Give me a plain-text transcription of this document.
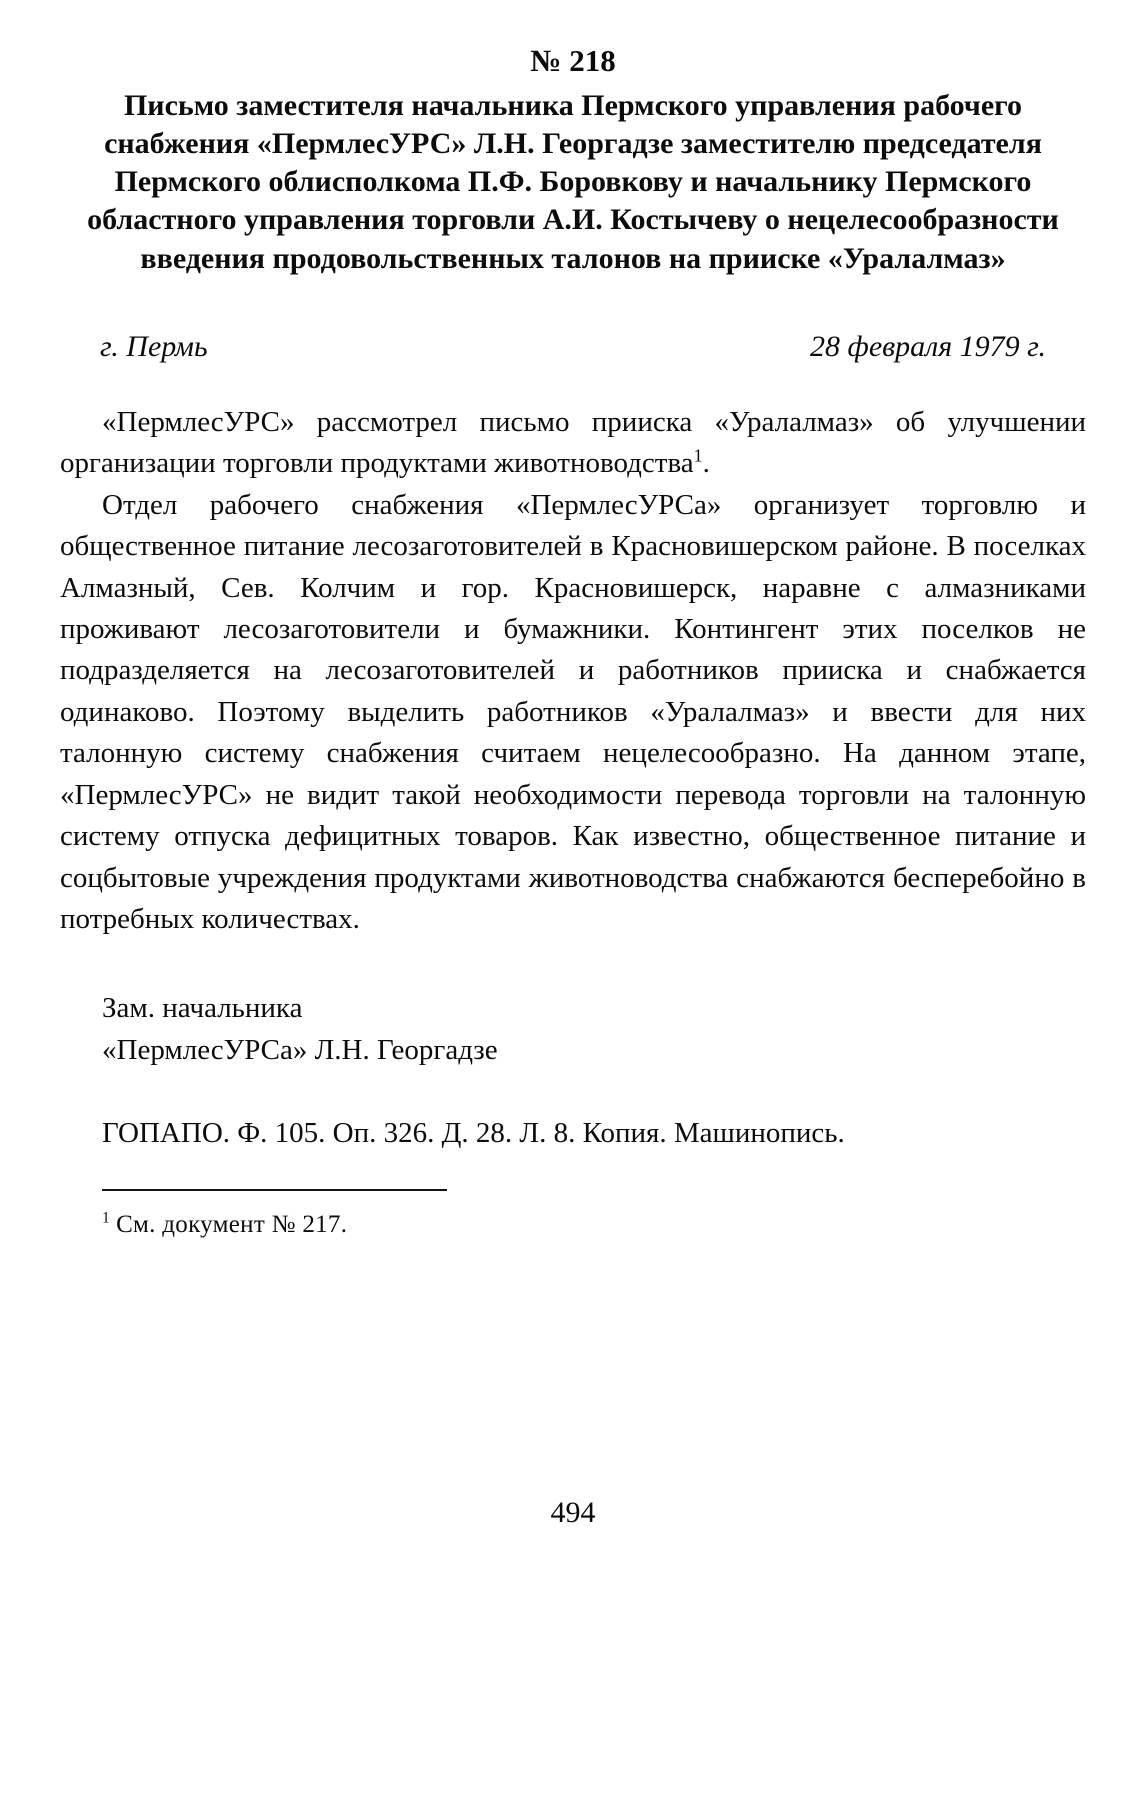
№ 218
Письмо заместителя начальника Пермского управления рабочего снабжения «ПермлесУРС» Л.Н. Георгадзе заместителю председателя Пермского облисполкома П.Ф. Боровкову и начальнику Пермского областного управления торговли А.И. Костычеву о нецелесообразности введения продовольственных талонов на прииске «Уралалмаз»
г. Пермь	28 февраля 1979 г.

«ПермлесУРС» рассмотрел письмо прииска «Уралалмаз» об улучшении организации торговли продуктами животноводства$^1$.

Отдел рабочего снабжения «ПермлесУРСа» организует торговлю и общественное питание лесозаготовителей в Красновишерском районе. В поселках Алмазный, Сев. Колчим и гор. Красновишерск, наравне с алмазниками проживают лесозаготовители и бумажники. Контингент этих поселков не подразделяется на лесозаготовителей и работников прииска и снабжается одинаково. Поэтому выделить работников «Уралалмаз» и ввести для них талонную систему снабжения считаем нецелесообразно. На данном этапе, «ПермлесУРС» не видит такой необходимости перевода торговли на талонную систему отпуска дефицитных товаров. Как известно, общественное питание и соцбытовые учреждения продуктами животноводства снабжаются бесперебойно в потребных количествах.

Зам. начальника
«ПермлесУРСа» Л.Н. Георгадзе
ГОПАПО. Ф. 105. Оп. 326. Д. 28. Л. 8. Копия. Машинопись.
$^1$ См. документ № 217.
494
